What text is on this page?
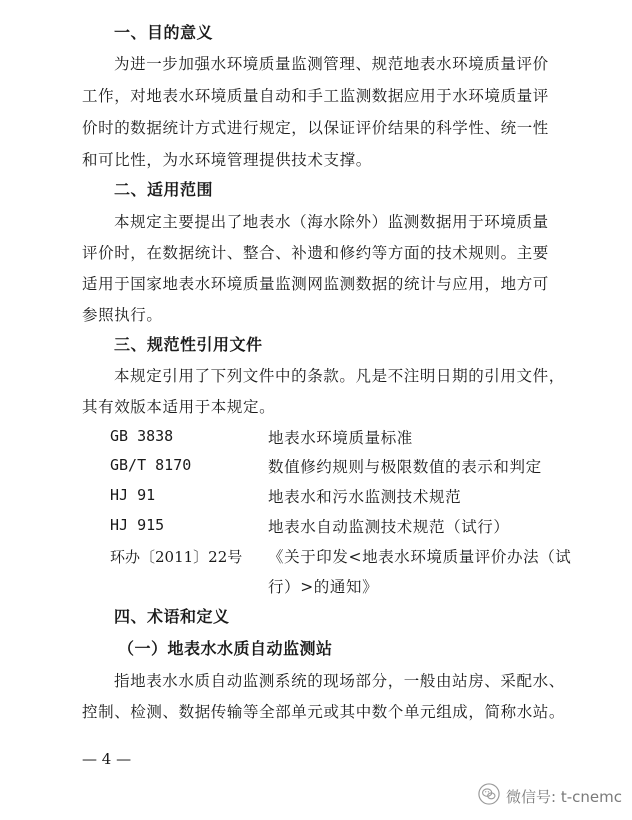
一、目的意义
为进一步加强水环境质量监测管理、规范地表水环境质量评价
工作，对地表水环境质量自动和手工监测数据应用于水环境质量评
价时的数据统计方式进行规定，以保证评价结果的科学性、统一性
和可比性，为水环境管理提供技术支撑。
二、适用范围
本规定主要提出了地表水（海水除外）监测数据用于环境质量
评价时，在数据统计、整合、补遗和修约等方面的技术规则。主要
适用于国家地表水环境质量监测网监测数据的统计与应用，地方可
参照执行。
三、规范性引用文件
本规定引用了下列文件中的条款。凡是不注明日期的引用文件，
其有效版本适用于本规定。
GB 3838	地表水环境质量标准
GB/T 8170	数值修约规则与极限数值的表示和判定
HJ 91	地表水和污水监测技术规范
HJ 915	地表水自动监测技术规范（试行）
环办〔2011〕22号 《关于印发<地表水环境质量评价办法（试
行）>的通知》
四、术语和定义
（一）地表水水质自动监测站
指地表水水质自动监测系统的现场部分，一般由站房、采配水、
控制、检测、数据传输等全部单元或其中数个单元组成，简称水站。
— 4 —
微信号: t-cnemc
